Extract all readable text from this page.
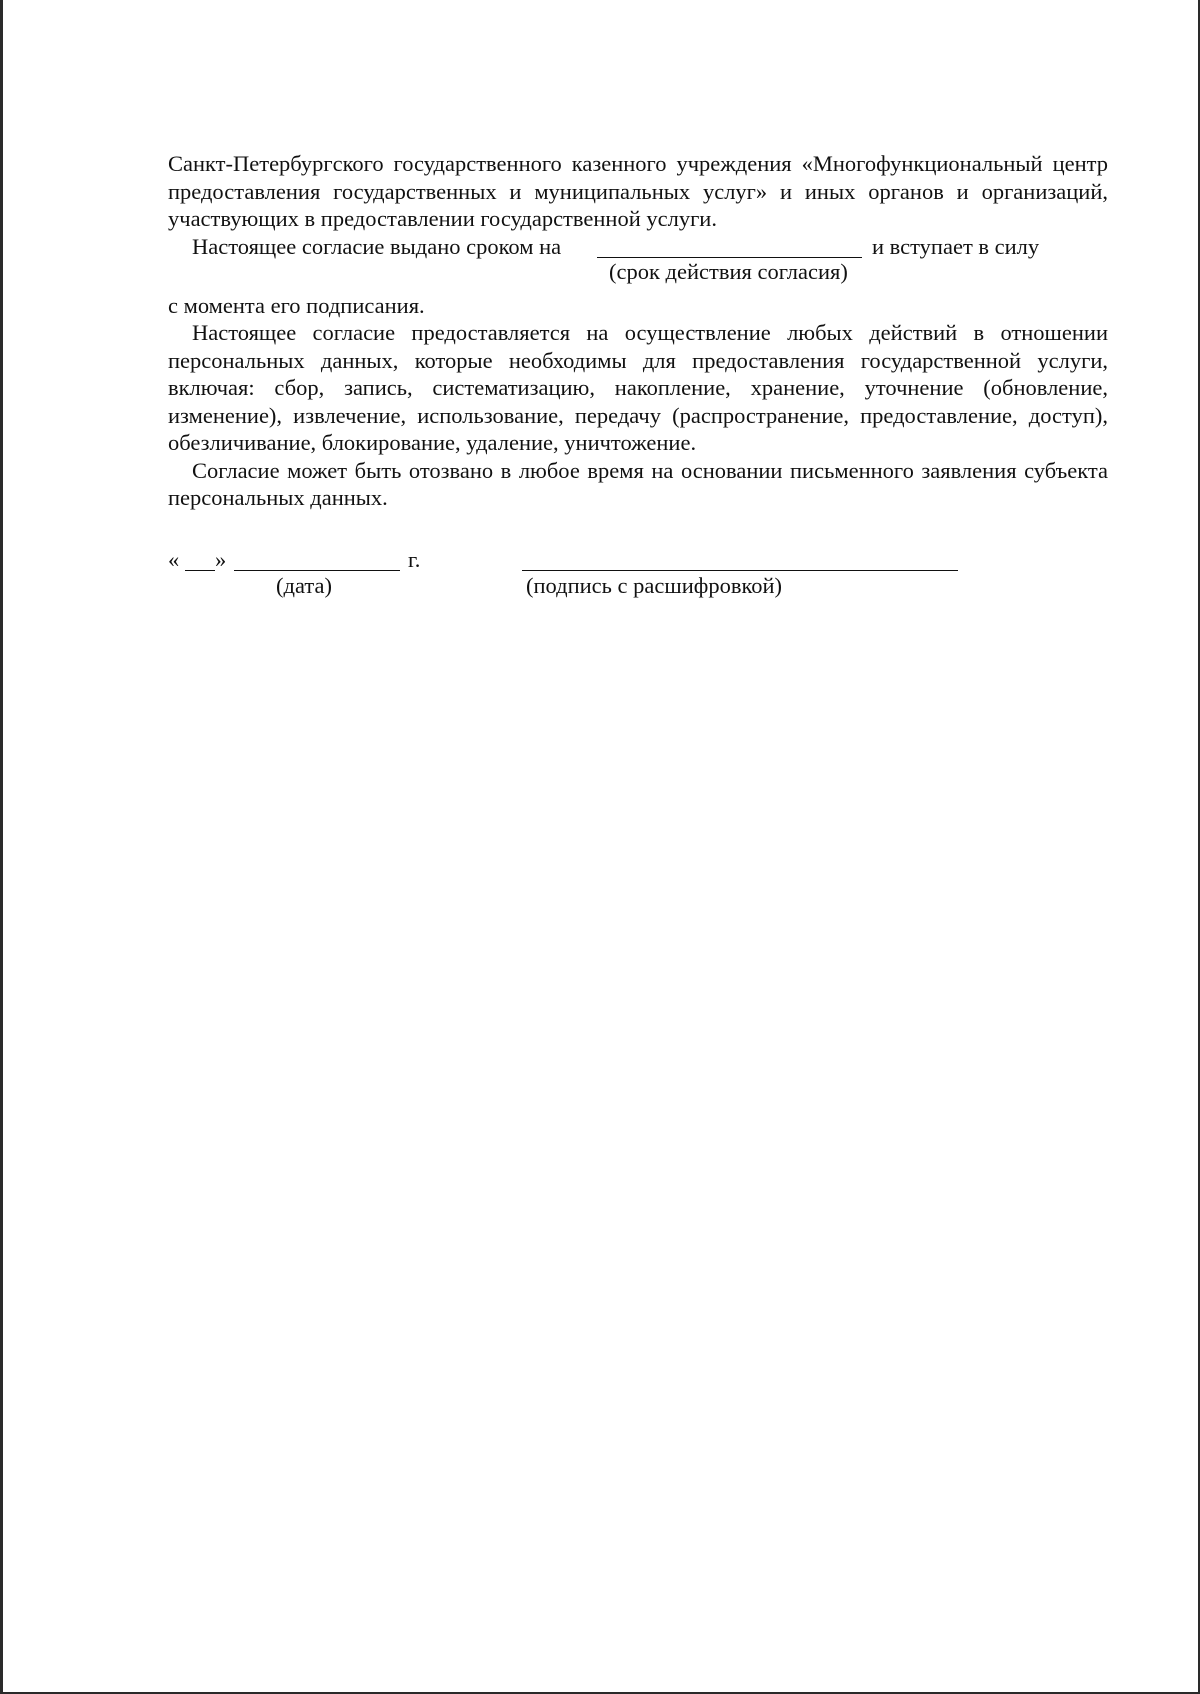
Санкт-Петербургского государственного казенного учреждения «Многофункциональный центр предоставления государственных и муниципальных услуг» и иных органов и организаций, участвующих в предоставлении государственной услуги.

Настоящее согласие выдано сроком на	и вступает в силу
(срок действия согласия)

с момента его подписания.

Настоящее согласие предоставляется на осуществление любых действий в отношении персональных данных, которые необходимы для предоставления государственной услуги, включая: сбор, запись, систематизацию, накопление, хранение, уточнение (обновление, изменение), извлечение, использование, передачу (распространение, предоставление, доступ), обезличивание, блокирование, удаление, уничтожение.

Согласие может быть отозвано в любое время на основании письменного заявления субъекта персональных данных.

« »	г.
(дата)	(подпись с расшифровкой)
